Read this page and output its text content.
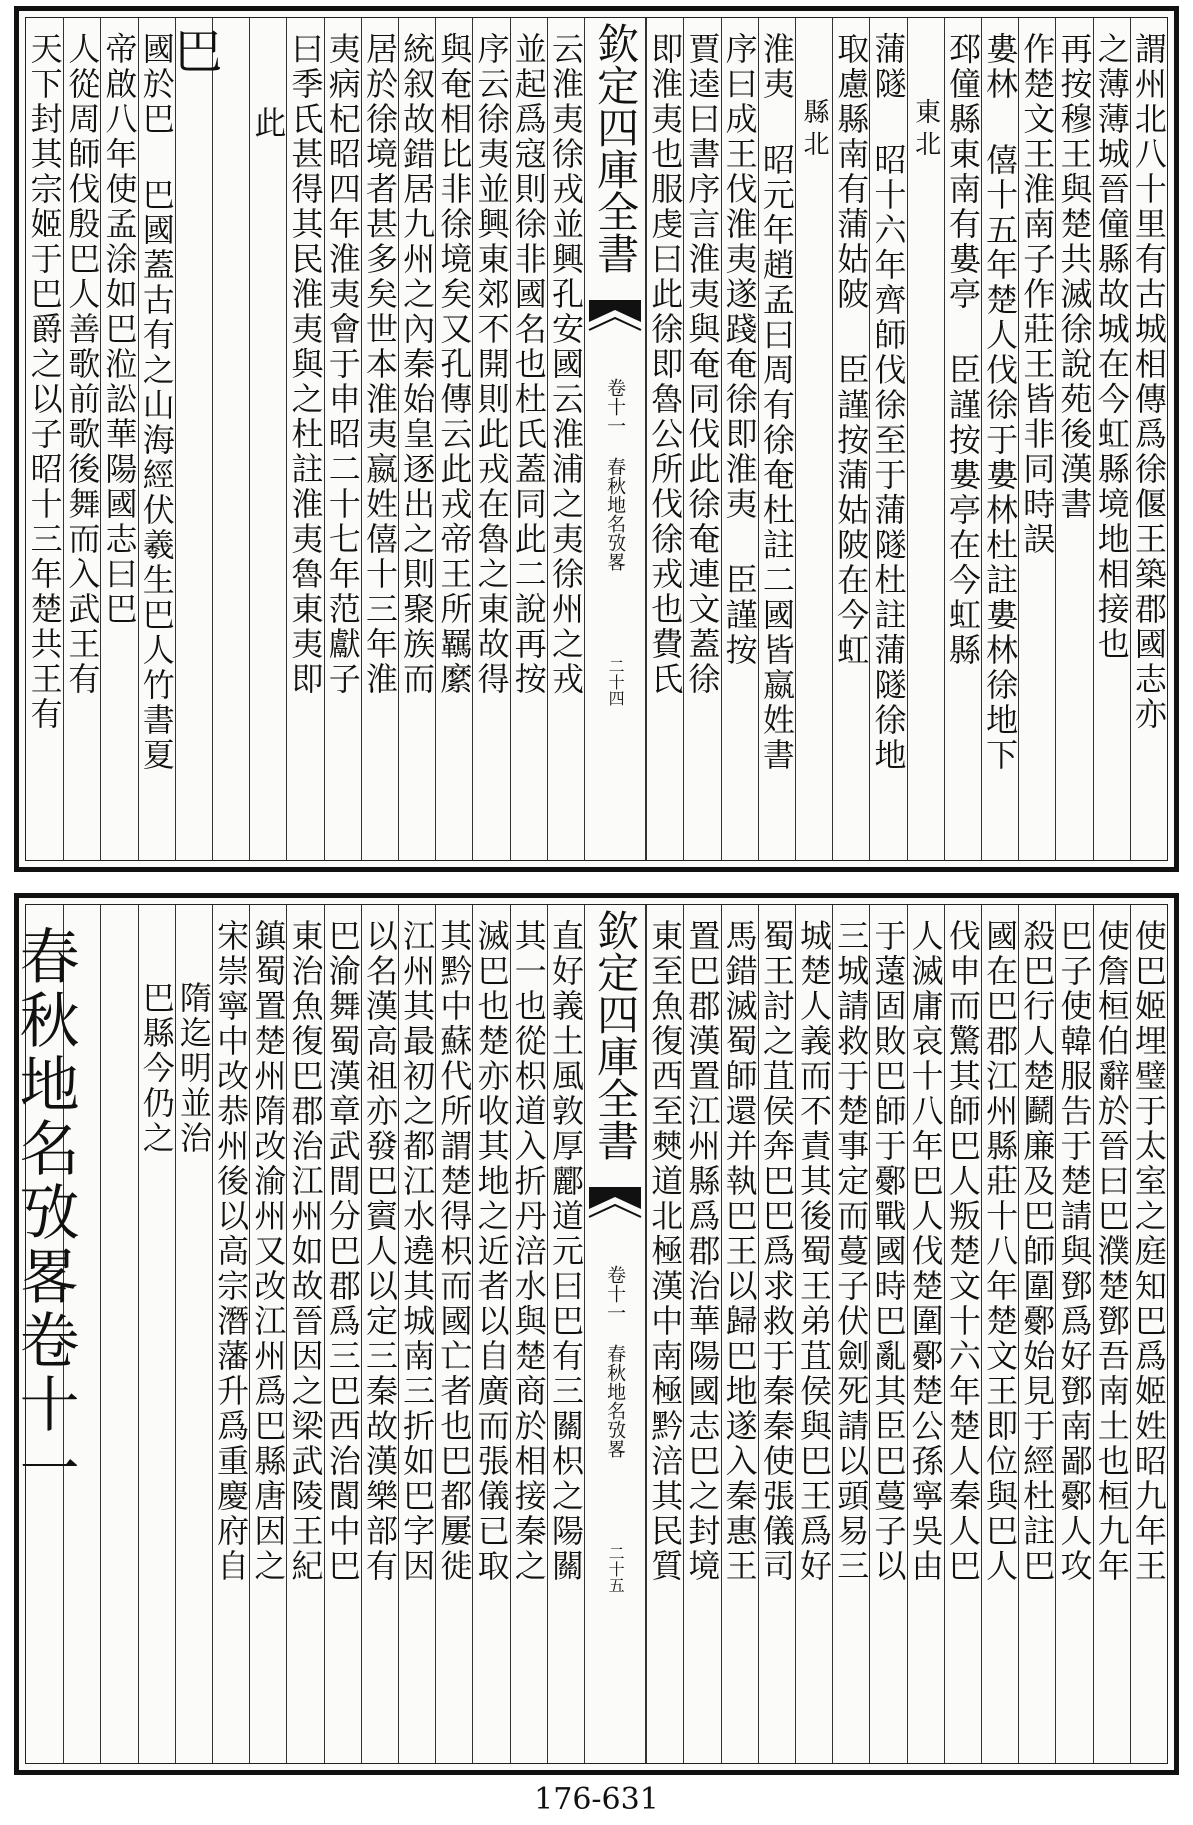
謂州北八十里有古城相傳爲徐偃王築郡國志亦
之薄薄城晉僮縣故城在今虹縣境地相接也
再按穆王與楚共滅徐說苑後漢書
作楚文王淮南子作莊王皆非同時誤
婁林 僖十五年楚人伐徐于婁林杜註婁林徐地下
邳僮縣東南有婁亭 臣謹按婁亭在今虹縣
東北
蒲隧 昭十六年齊師伐徐至于蒲隧杜註蒲隧徐地
取慮縣南有蒲姑陂 臣謹按蒲姑陂在今虹
縣北
淮夷 昭元年趙孟曰周有徐奄杜註二國皆嬴姓書
序曰成王伐淮夷遂踐奄徐即淮夷 臣謹按
賈逵曰書序言淮夷與奄同伐此徐奄連文蓋徐
即淮夷也服虔曰此徐即魯公所伐徐戎也費氏
欽定四庫全書
卷十一 春秋地名攷畧
二十四
云淮夷徐戎並興孔安國云淮浦之夷徐州之戎
並起爲寇則徐非國名也杜氏蓋同此二說再按
序云徐夷並興東郊不開則此戎在魯之東故得
與奄相比非徐境矣又孔傳云此戎帝王所羈縻
統叙故錯居九州之內秦始皇逐出之則聚族而
居於徐境者甚多矣世本淮夷嬴姓僖十三年淮
夷病杞昭四年淮夷會于申昭二十七年范獻子
曰季氏甚得其民淮夷與之杜註淮夷魯東夷即
此
巴
國於巴 巴國蓋古有之山海經伏羲生巴人竹書夏
帝啟八年使孟涂如巴涖訟華陽國志曰巴
人從周師伐殷巴人善歌前歌後舞而入武王有
天下封其宗姬于巴爵之以子昭十三年楚共王有
使巴姬埋璧于太室之庭知巴爲姬姓昭九年王
使詹桓伯辭於晉曰巴濮楚鄧吾南土也桓九年
巴子使韓服告于楚請與鄧爲好鄧南鄙鄾人攻
殺巴行人楚鬬廉及巴師圍鄾始見于經杜註巴
國在巴郡江州縣莊十八年楚文王即位與巴人
伐申而驚其師巴人叛楚文十六年楚人秦人巴
人滅庸哀十八年巴人伐楚圍鄾楚公孫寧吳由
于薳固敗巴師于鄾戰國時巴亂其臣巴蔓子以
三城請救于楚事定而蔓子伏劍死請以頭易三
城楚人義而不責其後蜀王弟苴侯與巴王爲好
蜀王討之苴侯奔巴巴爲求救于秦秦使張儀司
馬錯滅蜀師還并執巴王以歸巴地遂入秦惠王
置巴郡漢置江州縣爲郡治華陽國志巴之封境
東至魚復西至僰道北極漢中南極黔涪其民質
欽定四庫全書
卷十一 春秋地名攷畧
二十五
直好義土風敦厚酈道元曰巴有三關枳之陽關
其一也從枳道入折丹涪水與楚商於相接秦之
滅巴也楚亦收其地之近者以自廣而張儀已取
其黔中蘇代所謂楚得枳而國亡者也巴都屢徙
江州其最初之都江水遶其城南三折如巴字因
以名漢高祖亦發巴賨人以定三秦故漢樂部有
巴渝舞蜀漢章武間分巴郡爲三巴西治閬中巴
東治魚復巴郡治江州如故晉因之梁武陵王紀
鎮蜀置楚州隋改渝州又改江州爲巴縣唐因之
宋崇寧中改恭州後以高宗潛藩升爲重慶府自
隋迄明並治
巴縣今仍之
春秋地名攷畧卷十一
176-631
